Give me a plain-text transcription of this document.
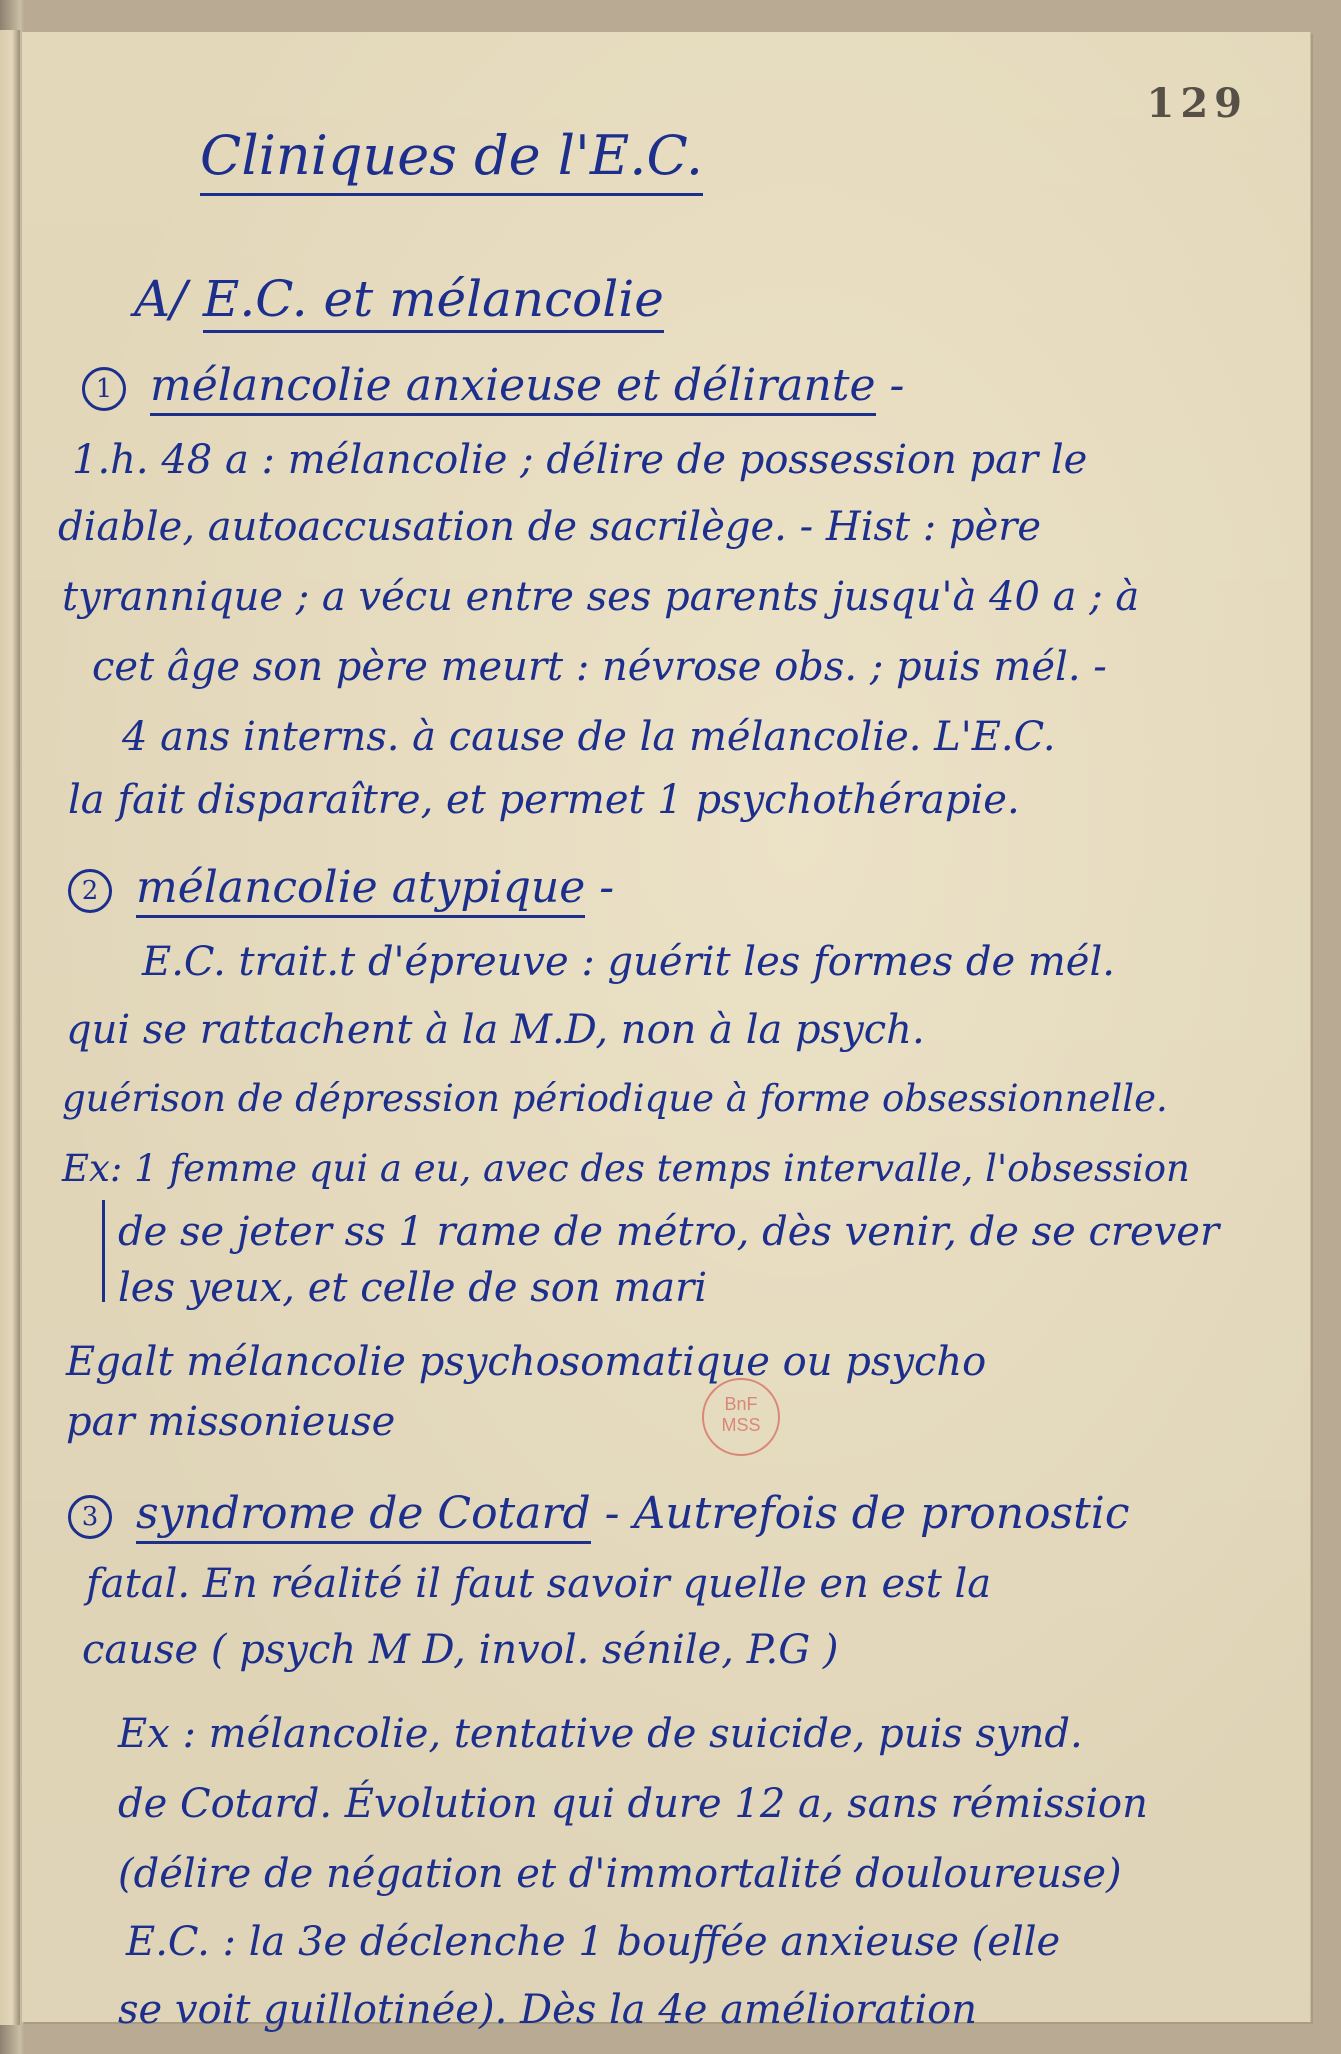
129
Cliniques de l'E.C.
A/ E.C. et mélancolie
1 mélancolie anxieuse et délirante -
1.h. 48 a : mélancolie ; délire de possession par le
diable, autoaccusation de sacrilège. - Hist : père
tyrannique ; a vécu entre ses parents jusqu'à 40 a ; à
cet âge son père meurt : névrose obs. ; puis mél. -
4 ans interns. à cause de la mélancolie. L'E.C.
la fait disparaître, et permet 1 psychothérapie.
2 mélancolie atypique -
E.C. trait.t d'épreuve : guérit les formes de mél.
qui se rattachent à la M.D, non à la psych.
guérison de dépression périodique à forme obsessionnelle.
Ex: 1 femme qui a eu, avec des temps intervalle, l'obsession
de se jeter ss 1 rame de métro, dès venir, de se crever
les yeux, et celle de son mari
Egalt mélancolie psychosomatique ou psycho
par missonieuse	BnF
MSS
3 syndrome de Cotard - Autrefois de pronostic
fatal. En réalité il faut savoir quelle en est la
cause ( psych M D, invol. sénile, P.G )
Ex : mélancolie, tentative de suicide, puis synd.
de Cotard. Évolution qui dure 12 a, sans rémission
(délire de négation et d'immortalité douloureuse)
E.C. : la 3e déclenche 1 bouffée anxieuse (elle
se voit guillotinée). Dès la 4e amélioration
